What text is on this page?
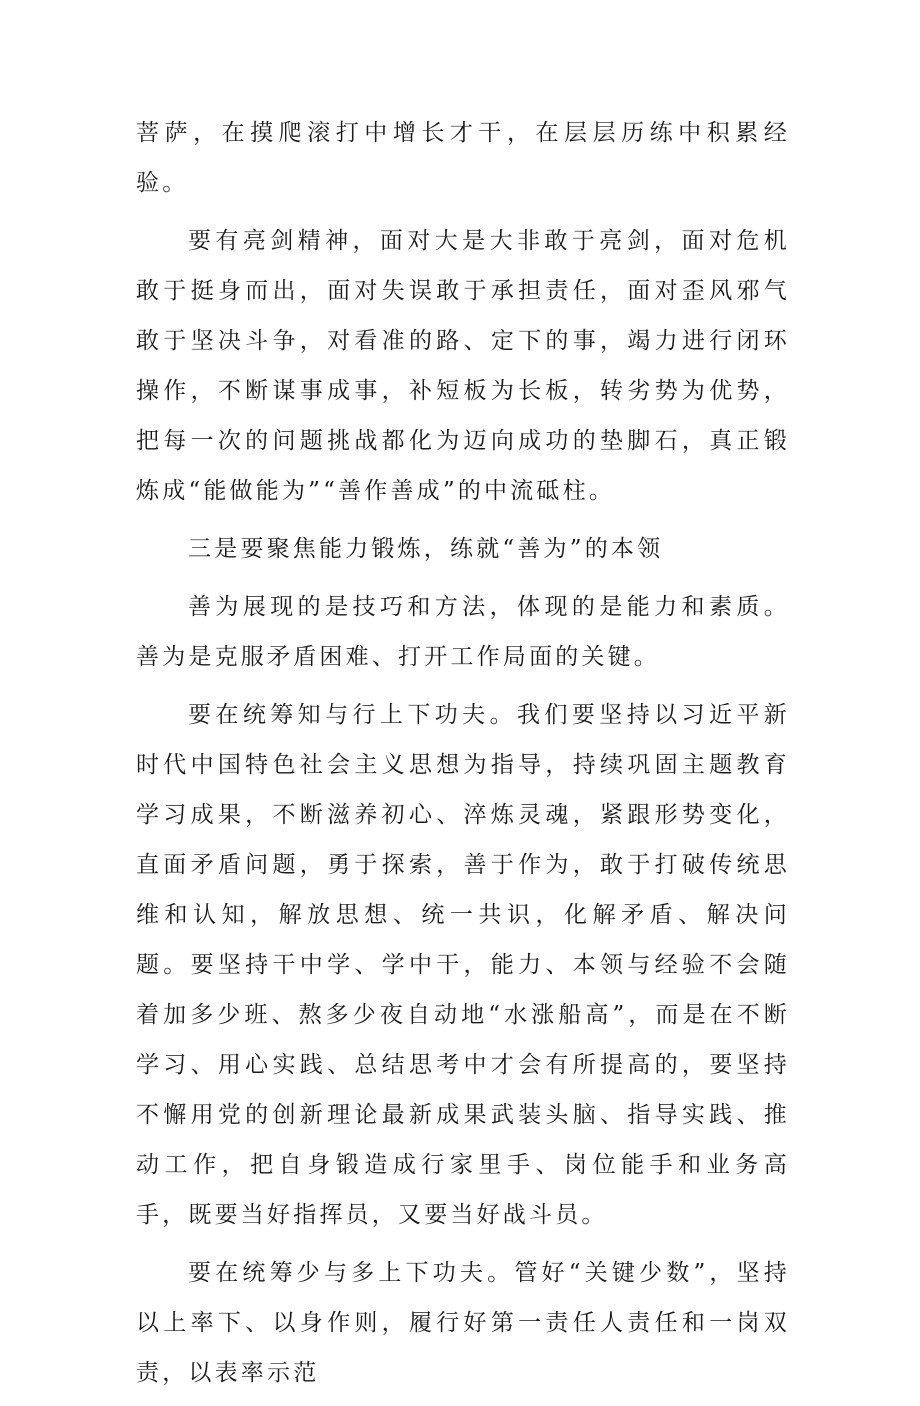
菩萨，在摸爬滚打中增长才干，在层层历练中积累经验。

要有亮剑精神，面对大是大非敢于亮剑，面对危机敢于挺身而出，面对失误敢于承担责任，面对歪风邪气敢于坚决斗争，对看准的路、定下的事，竭力进行闭环操作，不断谋事成事，补短板为长板，转劣势为优势，把每一次的问题挑战都化为迈向成功的垫脚石，真正锻炼成“能做能为”“善作善成”的中流砥柱。

三是要聚焦能力锻炼，练就“善为”的本领

善为展现的是技巧和方法，体现的是能力和素质。善为是克服矛盾困难、打开工作局面的关键。

要在统筹知与行上下功夫。我们要坚持以习近平新时代中国特色社会主义思想为指导，持续巩固主题教育学习成果，不断滋养初心、淬炼灵魂，紧跟形势变化，直面矛盾问题，勇于探索，善于作为，敢于打破传统思维和认知，解放思想、统一共识，化解矛盾、解决问题。要坚持干中学、学中干，能力、本领与经验不会随着加多少班、熬多少夜自动地“水涨船高”，而是在不断学习、用心实践、总结思考中才会有所提高的，要坚持不懈用党的创新理论最新成果武装头脑、指导实践、推动工作，把自身锻造成行家里手、岗位能手和业务高手，既要当好指挥员，又要当好战斗员。

要在统筹少与多上下功夫。管好“关键少数”，坚持以上率下、以身作则，履行好第一责任人责任和一岗双责，以表率示范
